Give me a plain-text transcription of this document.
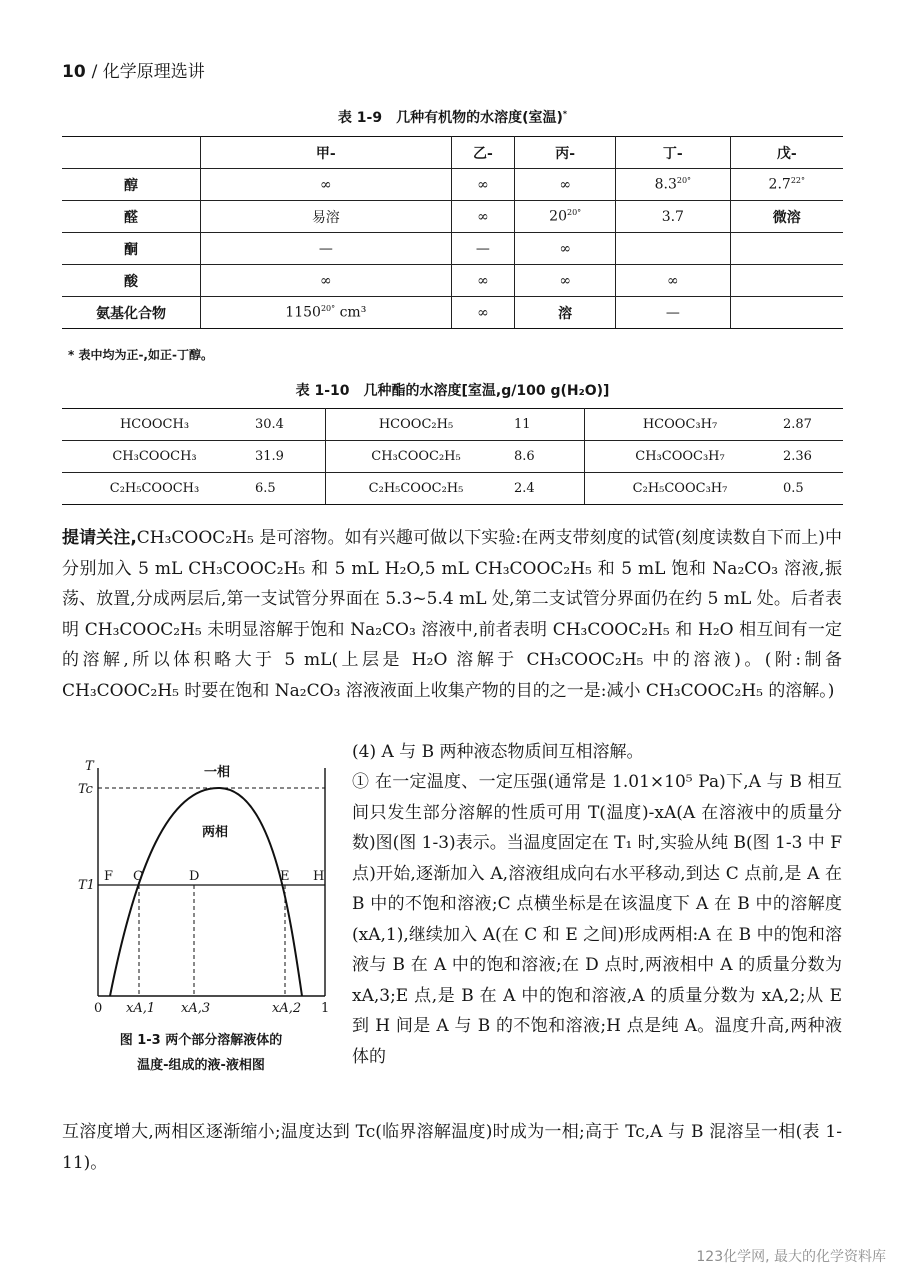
10 / 化学原理选讲
表 1-9 几种有机物的水溶度(室温)*
	甲-	乙-	丙-	丁-	戊-
醇	∞	∞	∞	$8.3^{20^\circ}$	$2.7^{22^\circ}$
醛	易溶	∞	$20^{20^\circ}$	3.7	微溶
酮	—	—	∞		
酸	∞	∞	∞	∞	
氨基化合物	$1150^{20^\circ}$ cm³	∞	溶	—	
* 表中均为正-,如正-丁醇。
表 1-10 几种酯的水溶度[室温,g/100 g(H₂O)]
HCOOCH₃	30.4	HCOOC₂H₅	11	HCOOC₃H₇	2.87
CH₃COOCH₃	31.9	CH₃COOC₂H₅	8.6	CH₃COOC₃H₇	2.36
C₂H₅COOCH₃	6.5	C₂H₅COOC₂H₅	2.4	C₂H₅COOC₃H₇	0.5
提请关注,CH₃COOC₂H₅ 是可溶物。如有兴趣可做以下实验:在两支带刻度的试管(刻度读数自下而上)中分别加入 5 mL CH₃COOC₂H₅ 和 5 mL H₂O,5 mL CH₃COOC₂H₅ 和 5 mL 饱和 Na₂CO₃ 溶液,振荡、放置,分成两层后,第一支试管分界面在 5.3~5.4 mL 处,第二支试管分界面仍在约 5 mL 处。后者表明 CH₃COOC₂H₅ 未明显溶解于饱和 Na₂CO₃ 溶液中,前者表明 CH₃COOC₂H₅ 和 H₂O 相互间有一定的溶解,所以体积略大于 5 mL(上层是 H₂O 溶解于 CH₃COOC₂H₅ 中的溶液)。(附:制备 CH₃COOC₂H₅ 时要在饱和 Na₂CO₃ 溶液液面上收集产物的目的之一是:减小 CH₃COOC₂H₅ 的溶解。)
(4) A 与 B 两种液态物质间互相溶解。
① 在一定温度、一定压强(通常是 1.01×10⁵ Pa)下,A 与 B 相互间只发生部分溶解的性质可用 T(温度)-xA(A 在溶液中的质量分数)图(图 1-3)表示。当温度固定在 T₁ 时,实验从纯 B(图 1-3 中 F 点)开始,逐渐加入 A,溶液组成向右水平移动,到达 C 点前,是 A 在 B 中的不饱和溶液;C 点横坐标是在该温度下 A 在 B 中的溶解度(xA,1),继续加入 A(在 C 和 E 之间)形成两相:A 在 B 中的饱和溶液与 B 在 A 中的饱和溶液;在 D 点时,两液相中 A 的质量分数为 xA,3;E 点,是 B 在 A 中的饱和溶液,A 的质量分数为 xA,2;从 E 到 H 间是 A 与 B 的不饱和溶液;H 点是纯 A。温度升高,两种液体的
互溶度增大,两相区逐渐缩小;温度达到 Tc(临界溶解温度)时成为一相;高于 Tc,A 与 B 混溶呈一相(表 1-11)。
T
Tc
T1
一相
两相
F C	D	E H
0 xA,1 xA,3	xA,2 1
图 1-3 两个部分溶解液体的
温度-组成的液-液相图
123化学网, 最大的化学资料库
